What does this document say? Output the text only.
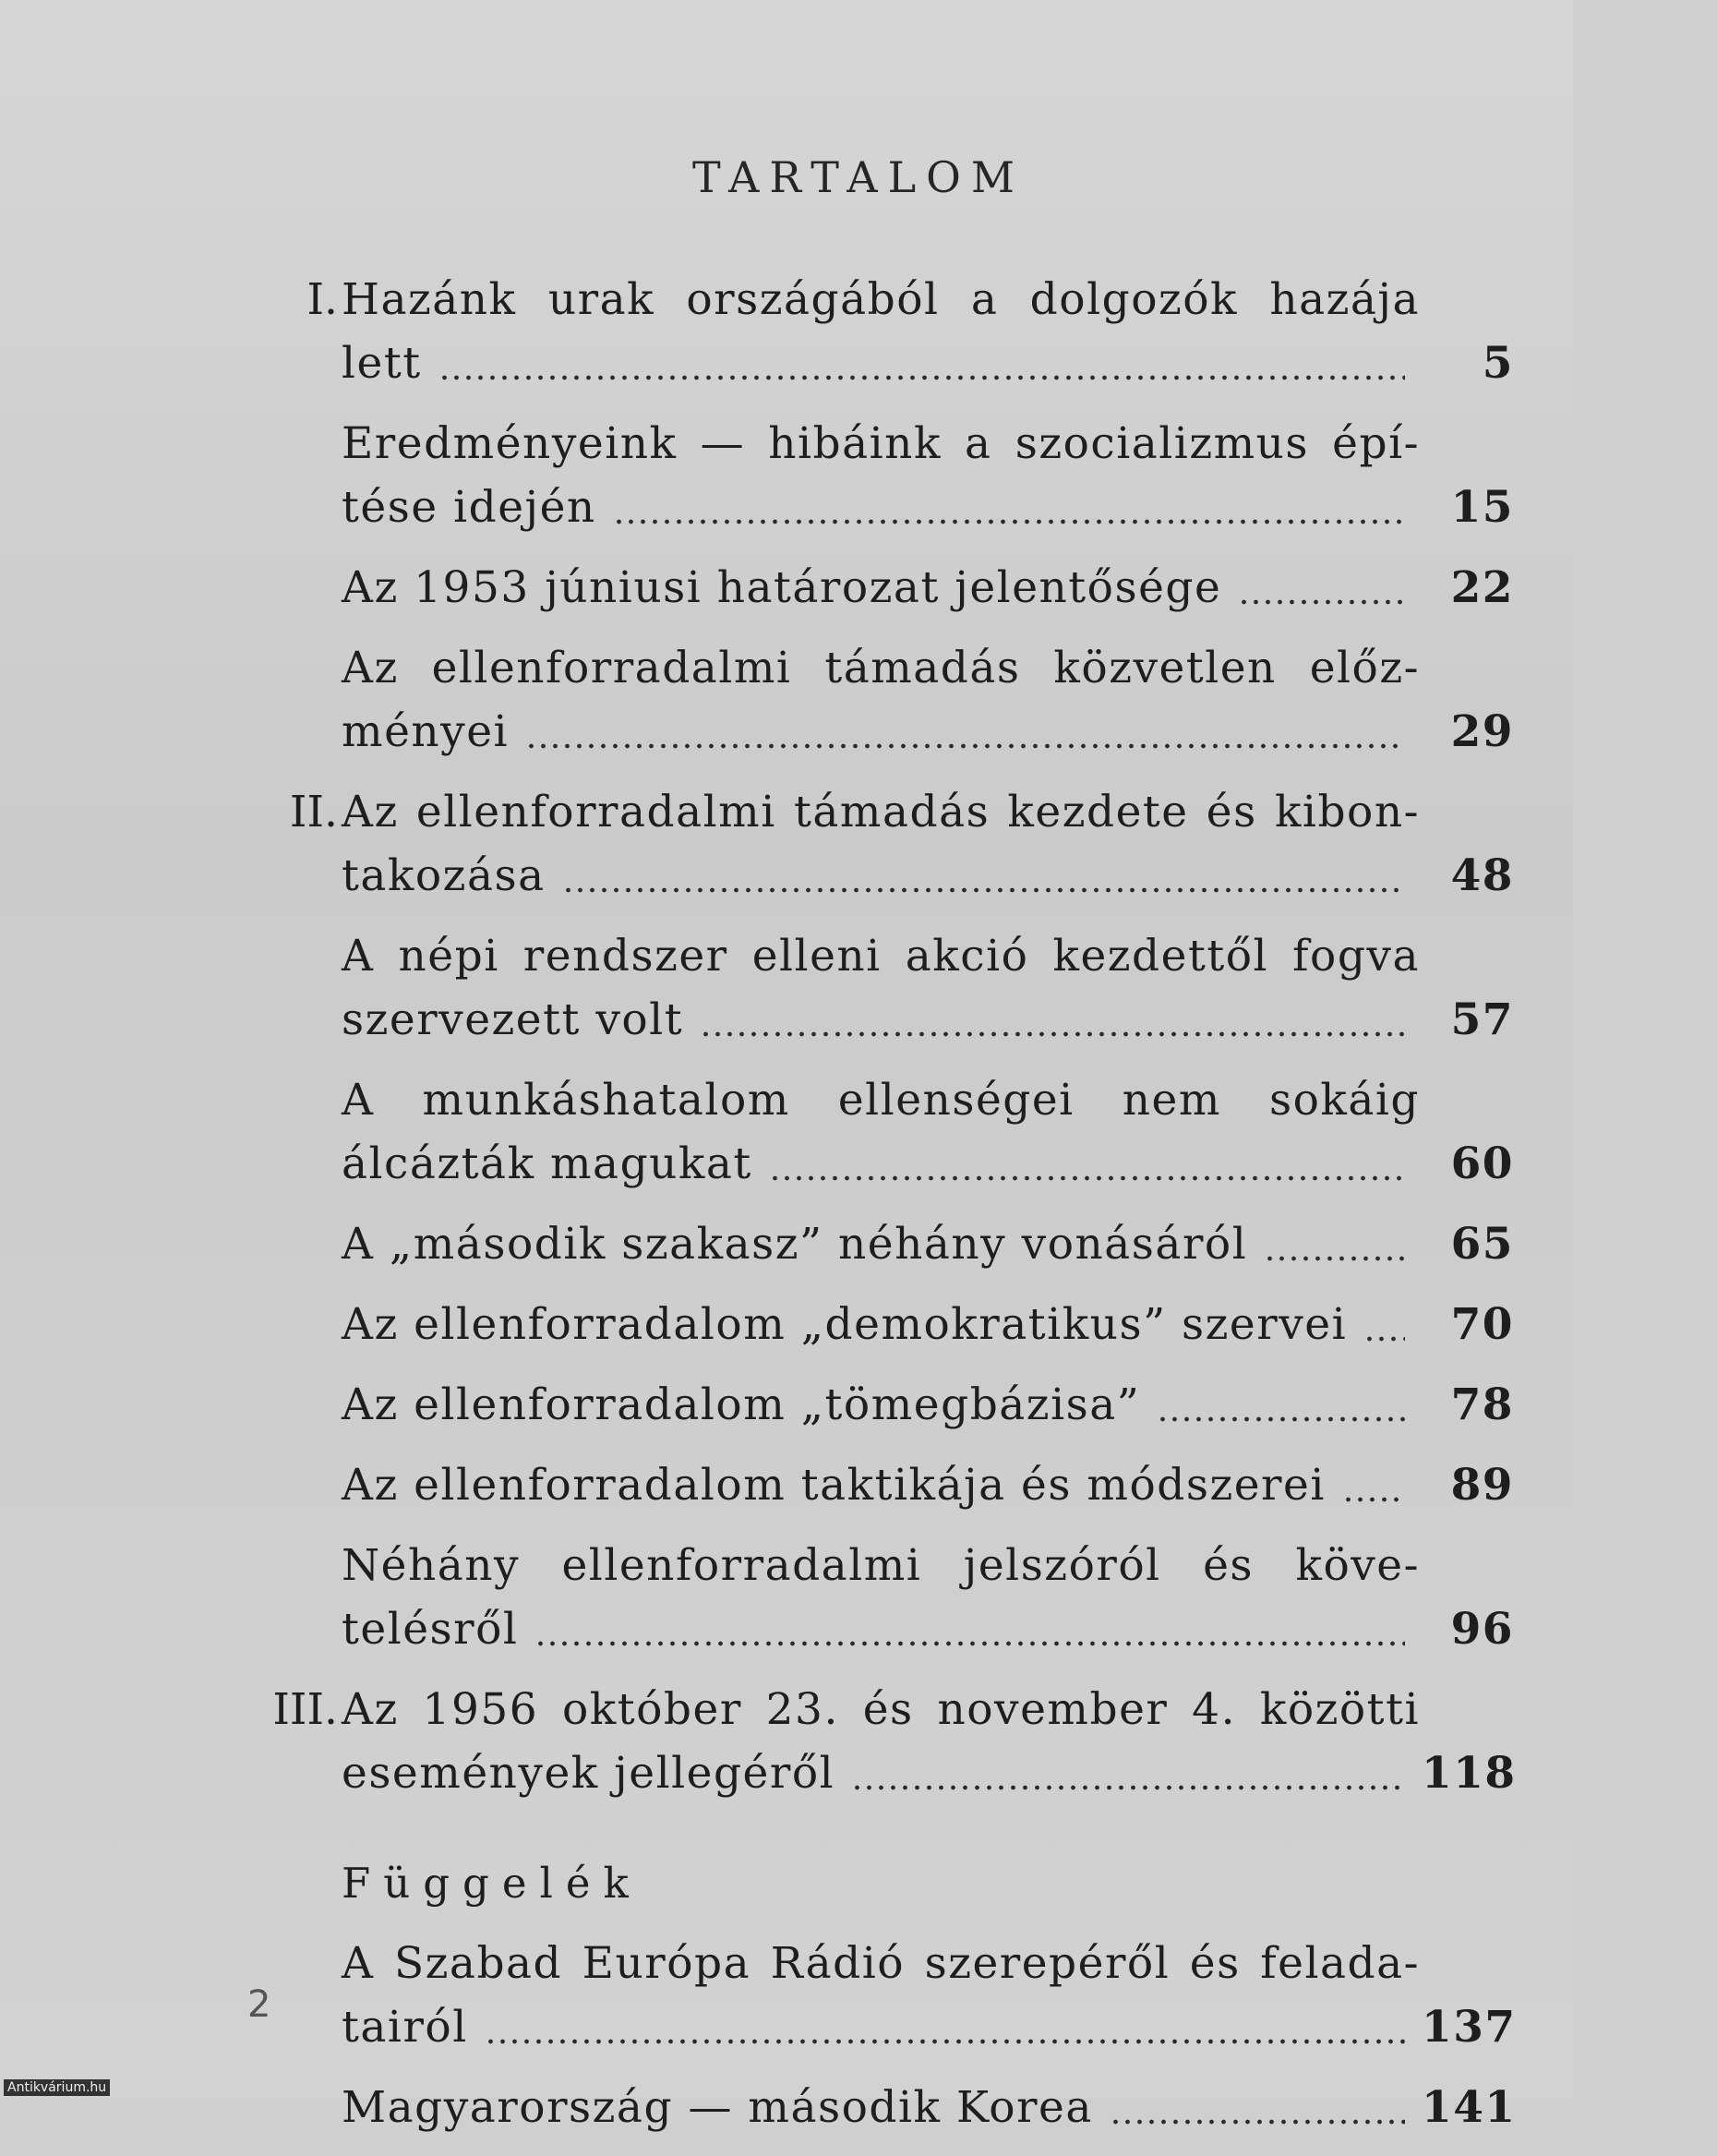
TARTALOM
I. Hazánk urak országából a dolgozók hazája
lett	5
Eredményeink — hibáink a szocializmus épí-
tése idején	15
Az 1953 júniusi határozat jelentősége	22
Az ellenforradalmi támadás közvetlen előz-
ményei	29
II. Az ellenforradalmi támadás kezdete és kibon-
takozása	48
A népi rendszer elleni akció kezdettől fogva
szervezett volt	57
A munkáshatalom ellenségei nem sokáig
álcázták magukat	60
A „második szakasz” néhány vonásáról	65
Az ellenforradalom „demokratikus” szervei	70
Az ellenforradalom „tömegbázisa”	78
Az ellenforradalom taktikája és módszerei	89
Néhány ellenforradalmi jelszóról és köve-
telésről	96
III. Az 1956 október 23. és november 4. közötti
események jellegéről	118
Függelék
A Szabad Európa Rádió szerepéről és felada-
tairól	137
Magyarország — második Korea	141
2
Antikvárium.hu
